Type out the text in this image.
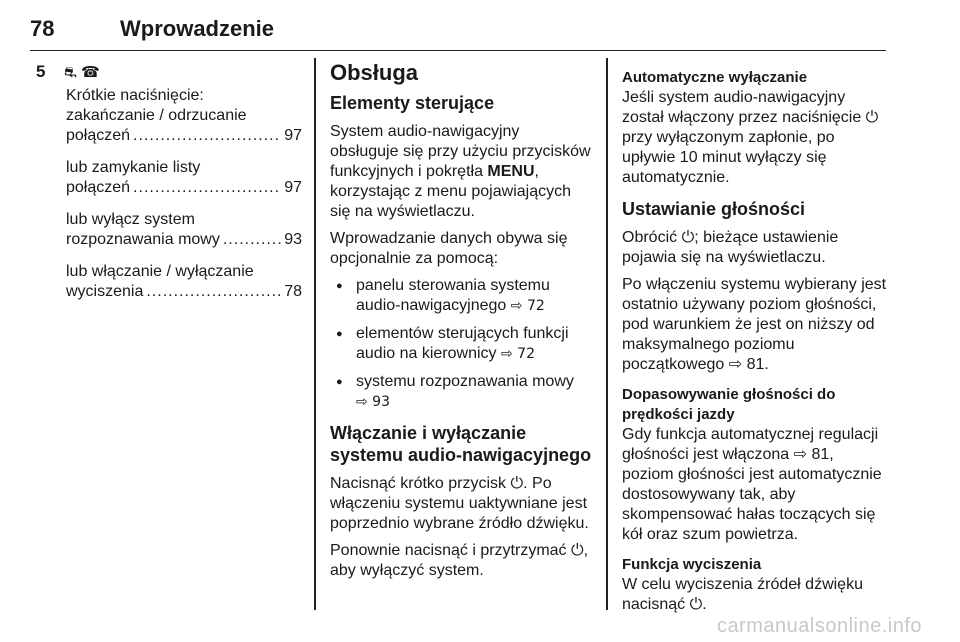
78	Wprowadzenie
5 ⛐ ☎
Krótkie naciśnięcie:
zakańczanie / odrzucanie
połączeń .....	97
lub zamykanie listy
połączeń .....	97
lub wyłącz system
rozpoznawania mowy .....	93
lub włączanie / wyłączanie
wyciszenia .....	78
Obsługa
Elementy sterujące

System audio-nawigacyjny obsługuje się przy użyciu przycisków funkcyjnych i pokrętła MENU, korzystając z menu pojawiających się na wyświetlaczu.

Wprowadzanie danych obywa się opcjonalnie za pomocą:

● panelu sterowania systemu audio-nawigacyjnego ⇨ 72
● elementów sterujących funkcji audio na kierownicy ⇨ 72
● systemu rozpoznawania mowy
⇨ 93
Włączanie i wyłączanie systemu audio-nawigacyjnego

Nacisnąć krótko przycisk ⏻. Po włączeniu systemu uaktywniane jest poprzednio wybrane źródło dźwięku.

Ponownie nacisnąć i przytrzymać ⏻, aby wyłączyć system.

Automatyczne wyłączanie

Jeśli system audio-nawigacyjny został włączony przez naciśnięcie ⏻ przy wyłączonym zapłonie, po upływie 10 minut wyłączy się automatycznie.

Ustawianie głośności

Obrócić ⏻; bieżące ustawienie pojawia się na wyświetlaczu.

Po włączeniu systemu wybierany jest ostatnio używany poziom głośności, pod warunkiem że jest on niższy od maksymalnego poziomu początkowego ⇨ 81.

Dopasowywanie głośności do prędkości jazdy

Gdy funkcja automatycznej regulacji głośności jest włączona ⇨ 81, poziom głośności jest automatycznie dostosowywany tak, aby skompensować hałas toczących się kół oraz szum powietrza.

Funkcja wyciszenia

W celu wyciszenia źródeł dźwięku nacisnąć ⏻.

carmanualsonline.info
